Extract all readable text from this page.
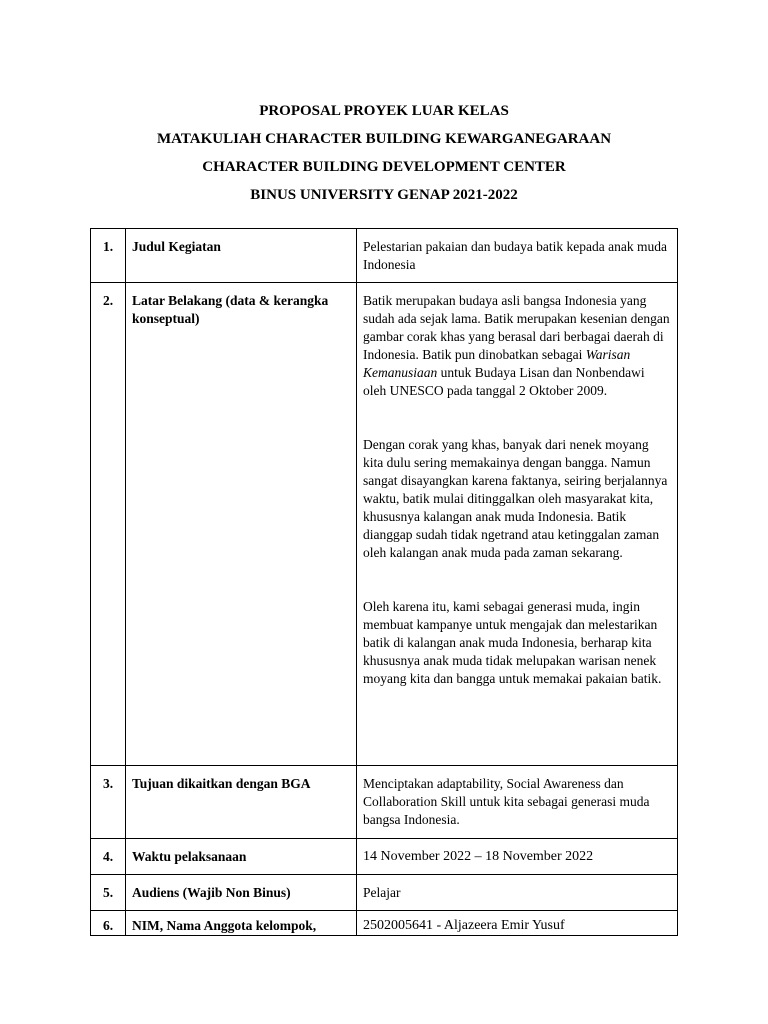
PROPOSAL PROYEK LUAR KELAS
MATAKULIAH CHARACTER BUILDING KEWARGANEGARAAN
CHARACTER BUILDING DEVELOPMENT CENTER
BINUS UNIVERSITY GENAP 2021-2022
1.	Judul Kegiatan	Pelestarian pakaian dan budaya batik kepada anak muda Indonesia
2.	Latar Belakang (data & kerangka konseptual)	Batik merupakan budaya asli bangsa Indonesia yang sudah ada sejak lama. Batik merupakan kesenian dengan gambar corak khas yang berasal dari berbagai daerah di Indonesia. Batik pun dinobatkan sebagai Warisan Kemanusiaan untuk Budaya Lisan dan Nonbendawi oleh UNESCO pada tanggal 2 Oktober 2009.

Dengan corak yang khas, banyak dari nenek moyang kita dulu sering memakainya dengan bangga. Namun sangat disayangkan karena faktanya, seiring berjalannya waktu, batik mulai ditinggalkan oleh masyarakat kita, khususnya kalangan anak muda Indonesia. Batik dianggap sudah tidak ngetrand atau ketinggalan zaman oleh kalangan anak muda pada zaman sekarang.

Oleh karena itu, kami sebagai generasi muda, ingin membuat kampanye untuk mengajak dan melestarikan batik di kalangan anak muda Indonesia, berharap kita khususnya anak muda tidak melupakan warisan nenek moyang kita dan bangga untuk memakai pakaian batik.

3.	Tujuan dikaitkan dengan BGA	Menciptakan adaptability, Social Awareness dan Collaboration Skill untuk kita sebagai generasi muda bangsa Indonesia.
4.	Waktu pelaksanaan	14 November 2022 – 18 November 2022
5.	Audiens (Wajib Non Binus)	Pelajar
6.	NIM, Nama Anggota kelompok,	2502005641 - Aljazeera Emir Yusuf
